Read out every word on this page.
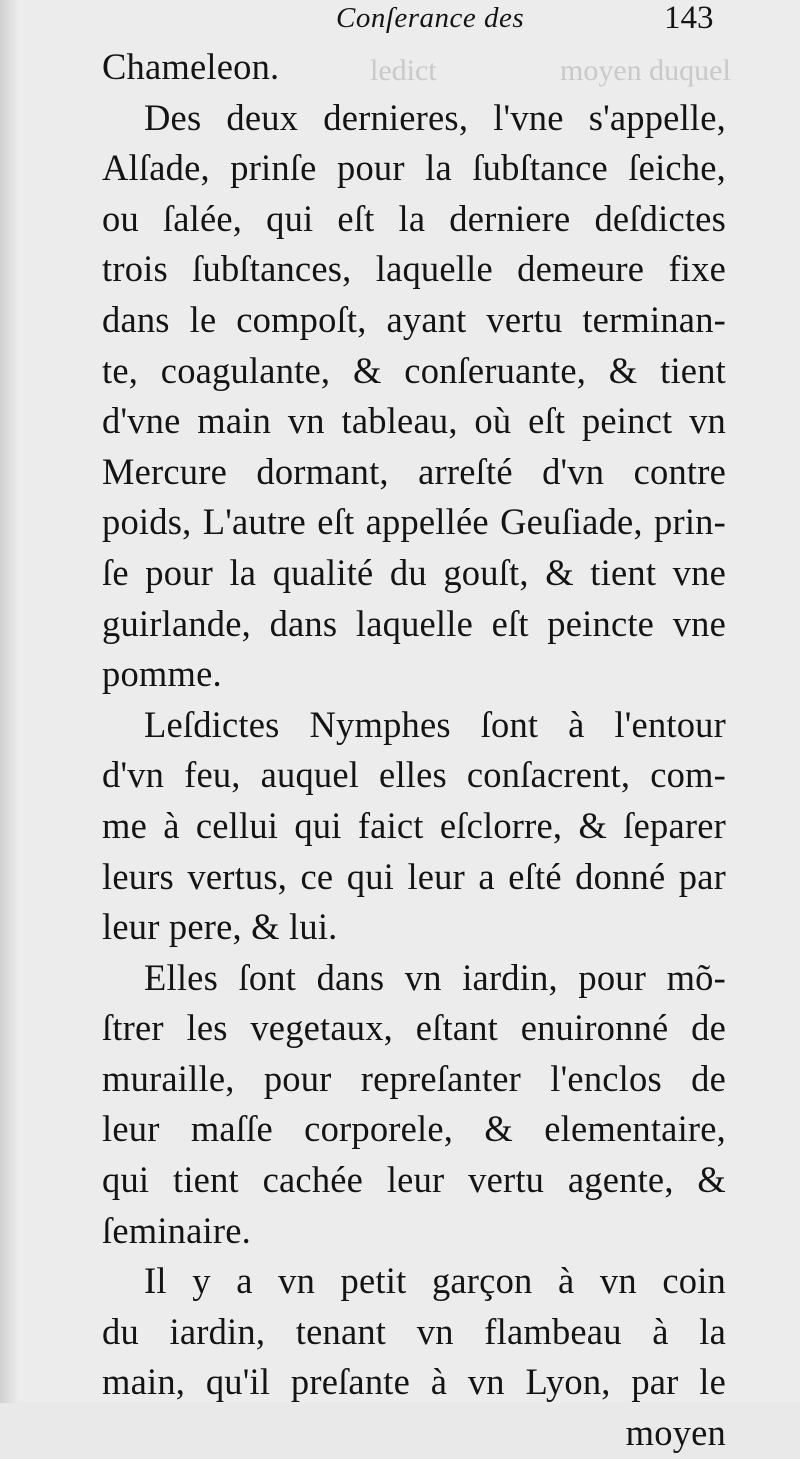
moyen duquel
ledict
Conſerance des	143
Chameleon.
Des deux dernieres, l'vne s'appelle,
Alſade, prinſe pour la ſubſtance ſeiche,
ou ſalée, qui eſt la derniere deſdictes
trois ſubſtances, laquelle demeure fixe
dans le compoſt, ayant vertu terminan-
te, coagulante, & conſeruante, & tient
d'vne main vn tableau, où eſt peinct vn
Mercure dormant, arreſté d'vn contre
poids, L'autre eſt appellée Geuſiade, prin-
ſe pour la qualité du gouſt, & tient vne
guirlande, dans laquelle eſt peincte vne
pomme.
Leſdictes Nymphes ſont à l'entour
d'vn feu, auquel elles conſacrent, com-
me à cellui qui faict eſclorre, & ſeparer
leurs vertus, ce qui leur a eſté donné par
leur pere, & lui.
Elles ſont dans vn iardin, pour mõ-
ſtrer les vegetaux, eſtant enuironné de
muraille, pour repreſanter l'enclos de
leur maſſe corporele, & elementaire,
qui tient cachée leur vertu agente, &
ſeminaire.
Il y a vn petit garçon à vn coin
du iardin, tenant vn flambeau à la
main, qu'il preſante à vn Lyon, par le
moyen
